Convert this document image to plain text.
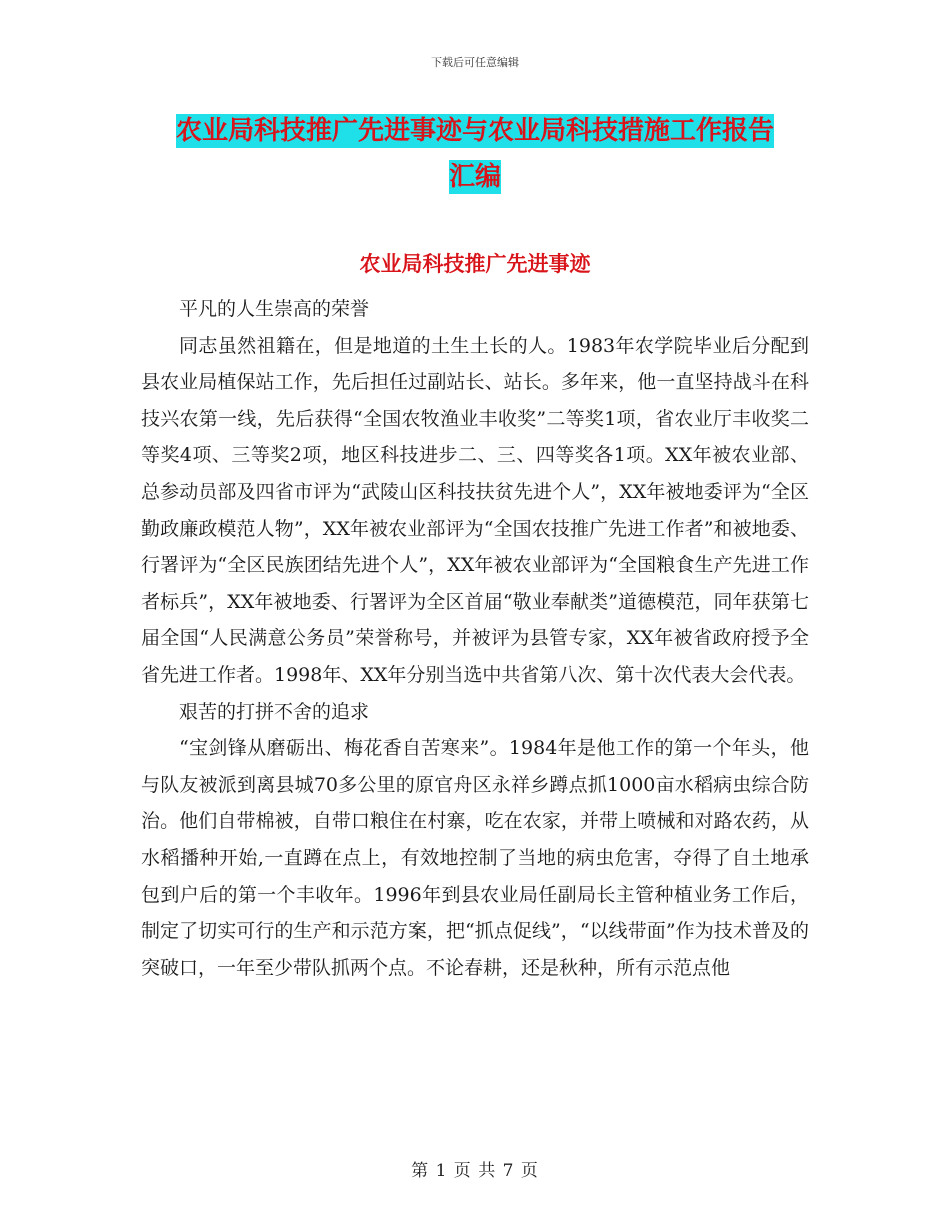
下载后可任意编辑
农业局科技推广先进事迹与农业局科技措施工作报告
汇编
农业局科技推广先进事迹

平凡的人生崇高的荣誉

同志虽然祖籍在，但是地道的土生土长的人。1983年农学院毕业后分配到县农业局植保站工作，先后担任过副站长、站长。多年来，他一直坚持战斗在科技兴农第一线，先后获得“全国农牧渔业丰收奖”二等奖1项，省农业厅丰收奖二等奖4项、三等奖2项，地区科技进步二、三、四等奖各1项。XX年被农业部、总参动员部及四省市评为“武陵山区科技扶贫先进个人”，XX年被地委评为“全区勤政廉政模范人物”，XX年被农业部评为“全国农技推广先进工作者”和被地委、行署评为“全区民族团结先进个人”，XX年被农业部评为“全国粮食生产先进工作者标兵”，XX年被地委、行署评为全区首届“敬业奉献类”道德模范，同年获第七届全国“人民满意公务员”荣誉称号，并被评为县管专家，XX年被省政府授予全省先进工作者。1998年、XX年分别当选中共省第八次、第十次代表大会代表。

艰苦的打拼不舍的追求

“宝剑锋从磨砺出、梅花香自苦寒来”。1984年是他工作的第一个年头，他与队友被派到离县城70多公里的原官舟区永祥乡蹲点抓1000亩水稻病虫综合防治。他们自带棉被，自带口粮住在村寨，吃在农家，并带上喷械和对路农药，从水稻播种开始,一直蹲在点上，有效地控制了当地的病虫危害，夺得了自土地承包到户后的第一个丰收年。1996年到县农业局任副局长主管种植业务工作后，制定了切实可行的生产和示范方案，把“抓点促线”，“以线带面”作为技术普及的突破口，一年至少带队抓两个点。不论春耕，还是秋种，所有示范点他

第 1 页 共 7 页
